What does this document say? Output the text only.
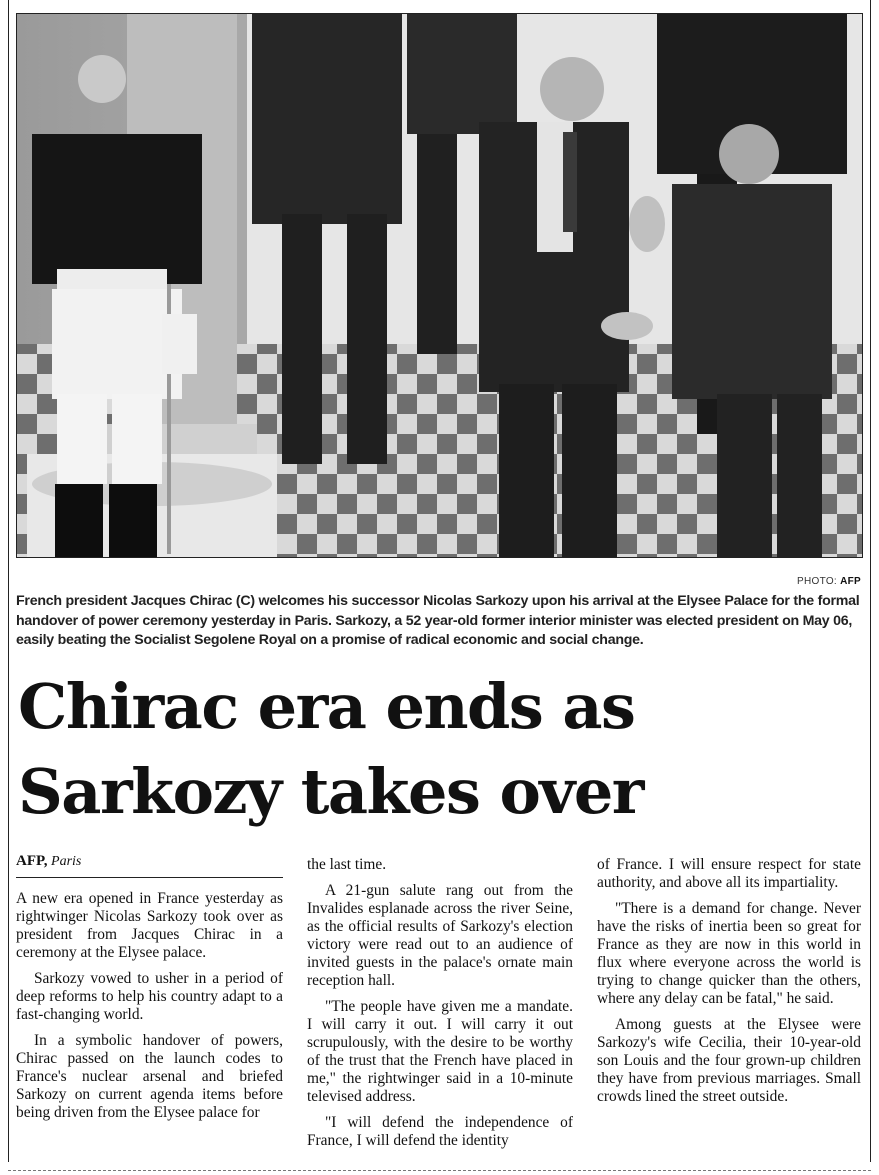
PHOTO: AFP
French president Jacques Chirac (C) welcomes his successor Nicolas Sarkozy upon his arrival at the Elysee Palace for the formal handover of power ceremony yesterday in Paris. Sarkozy, a 52 year-old former interior minister was elected president on May 06, easily beating the Socialist Segolene Royal on a promise of radical economic and social change.
Chirac era ends as
Sarkozy takes over
AFP, Paris

A new era opened in France yesterday as rightwinger Nicolas Sarkozy took over as president from Jacques Chirac in a ceremony at the Elysee palace.

Sarkozy vowed to usher in a period of deep reforms to help his country adapt to a fast-changing world.

In a symbolic handover of powers, Chirac passed on the launch codes to France's nuclear arsenal and briefed Sarkozy on current agenda items before being driven from the Elysee palace for

the last time.

A 21-gun salute rang out from the Invalides esplanade across the river Seine, as the official results of Sarkozy's election victory were read out to an audience of invited guests in the palace's ornate main reception hall.

"The people have given me a mandate. I will carry it out. I will carry it out scrupulously, with the desire to be worthy of the trust that the French have placed in me," the rightwinger said in a 10-minute televised address.

"I will defend the independence of France, I will defend the identity

of France. I will ensure respect for state authority, and above all its impartiality.

"There is a demand for change. Never have the risks of inertia been so great for France as they are now in this world in flux where everyone across the world is trying to change quicker than the others, where any delay can be fatal," he said.

Among guests at the Elysee were Sarkozy's wife Cecilia, their 10-year-old son Louis and the four grown-up children they have from previous marriages. Small crowds lined the street outside.
